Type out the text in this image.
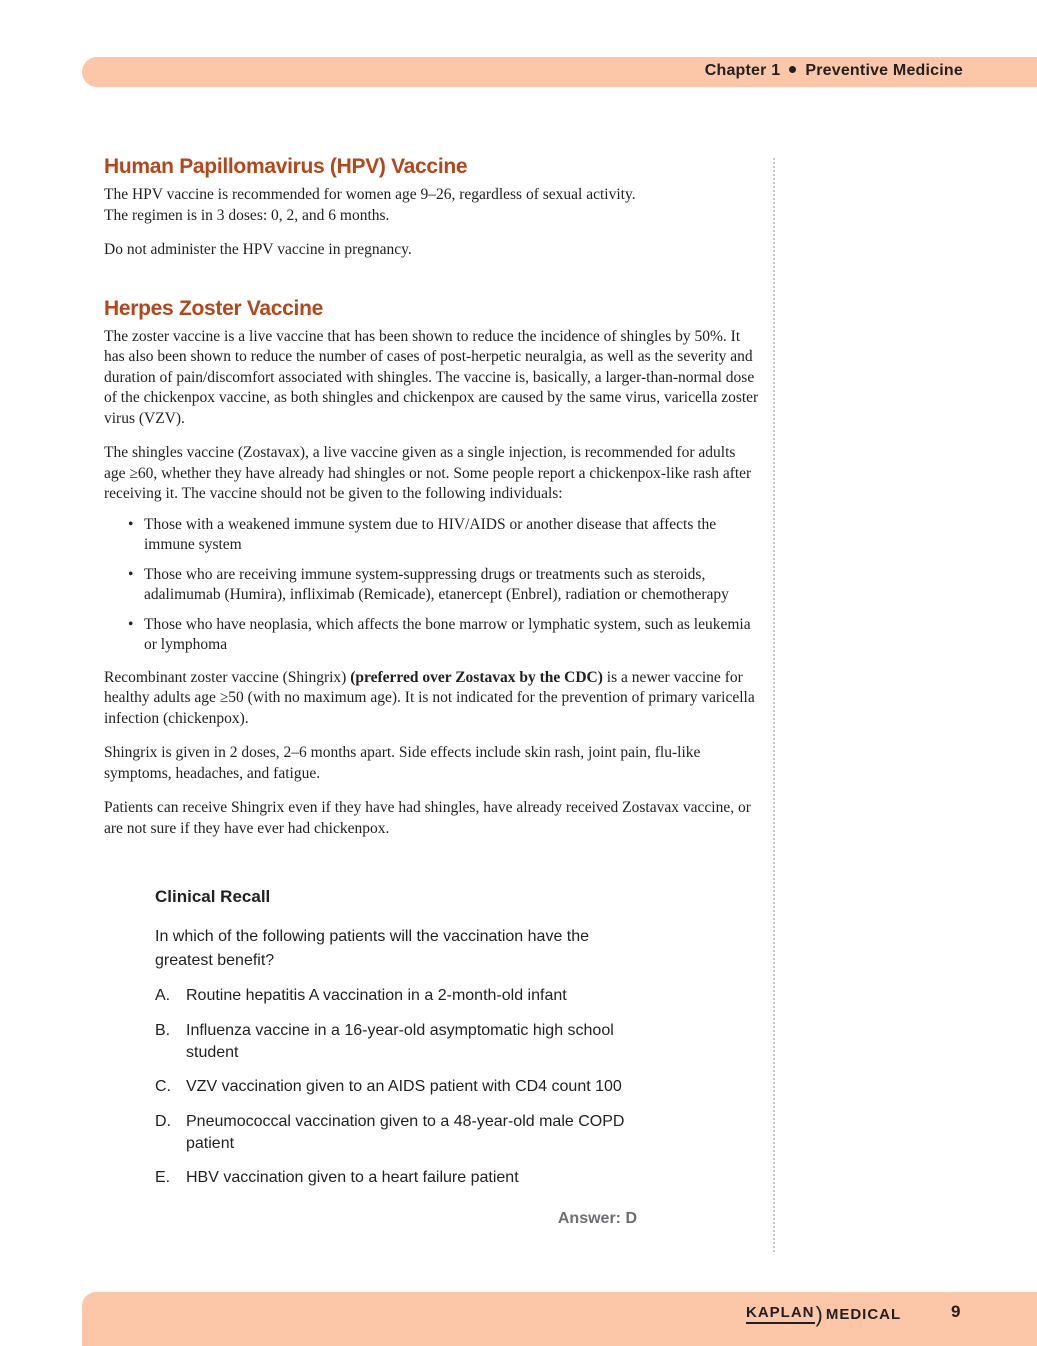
Chapter 1 Preventive Medicine
Human Papillomavirus (HPV) Vaccine

The HPV vaccine is recommended for women age 9–26, regardless of sexual activity.
The regimen is in 3 doses: 0, 2, and 6 months.

Do not administer the HPV vaccine in pregnancy.

Herpes Zoster Vaccine

The zoster vaccine is a live vaccine that has been shown to reduce the incidence of shingles by 50%. It has also been shown to reduce the number of cases of post-herpetic neuralgia, as well as the severity and duration of pain/discomfort associated with shingles. The vaccine is, basically, a larger-than-normal dose of the chickenpox vaccine, as both shingles and chickenpox are caused by the same virus, varicella zoster virus (VZV).

The shingles vaccine (Zostavax), a live vaccine given as a single injection, is recommended for adults age ≥60, whether they have already had shingles or not. Some people report a chickenpox-like rash after receiving it. The vaccine should not be given to the following individuals:

• Those with a weakened immune system due to HIV/AIDS or another disease that affects the immune system
• Those who are receiving immune system-suppressing drugs or treatments such as steroids, adalimumab (Humira), infliximab (Remicade), etanercept (Enbrel), radiation or chemotherapy
• Those who have neoplasia, which affects the bone marrow or lymphatic system, such as leukemia or lymphoma

Recombinant zoster vaccine (Shingrix) (preferred over Zostavax by the CDC) is a newer vaccine for healthy adults age ≥50 (with no maximum age). It is not indicated for the prevention of primary varicella infection (chickenpox).

Shingrix is given in 2 doses, 2–6 months apart. Side effects include skin rash, joint pain, flu-like symptoms, headaches, and fatigue.

Patients can receive Shingrix even if they have had shingles, have already received Zostavax vaccine, or are not sure if they have ever had chickenpox.

Clinical Recall
In which of the following patients will the vaccination have the greatest benefit?
A. Routine hepatitis A vaccination in a 2-month-old infant
B. Influenza vaccine in a 16-year-old asymptomatic high school student
C. VZV vaccination given to an AIDS patient with CD4 count 100
D. Pneumococcal vaccination given to a 48-year-old male COPD patient
E. HBV vaccination given to a heart failure patient
Answer: D
KAPLAN ) MEDICAL	9
